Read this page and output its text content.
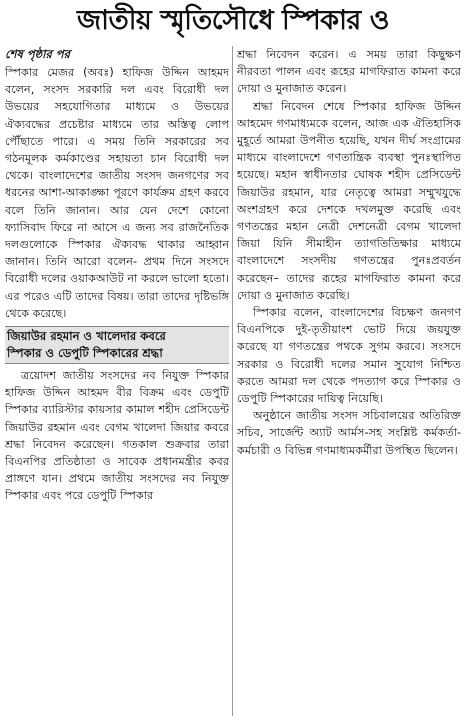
জাতীয় স্মৃতিসৌধে স্পিকার ও
শেষ পৃষ্ঠার পর

স্পিকার মেজর (অবঃ) হাফিজ উদ্দিন আহমদ বলেন, সংসদ সরকারি দল এবং বিরোধী দল উভয়ের সহযোগিতার মাধ্যমে ও উভয়ের ঐক্যবদ্ধের প্রচেষ্টার মাধ্যমে তার অস্তিত্ব লোপ পৌঁছাতে পারে। এ সময় তিনি সরকারের সব গঠনমূলক কর্মকাণ্ডের সহায়তা চান বিরোধী দল থেকে। বাংলাদেশের জাতীয় সংসদ জনগণের সব ধরনের আশা-আকাঙ্ক্ষা পূরণে কার্যক্রম গ্রহণ করবে বলে তিনি জানান। আর যেন দেশে কোনো ফ্যাসিবাদ ফিরে না আসে এ জন্য সব রাজনৈতিক দলগুলোকে স্পিকার ঐক্যবদ্ধ থাকার আহ্বান জানান। তিনি আরো বলেন- প্রথম দিনে সংসদে বিরোধী দলের ওয়াকআউট না করলে ভালো হতো। এর পরেও এটি তাদের বিষয়। তারা তাদের দৃষ্টিভঙ্গি থেকে করেছে।

জিয়াউর রহমান ও খালেদার কবরে
স্পিকার ও ডেপুটি স্পিকারের শ্রদ্ধা

ত্রয়োদশ জাতীয় সংসদের নব নিযুক্ত স্পিকার হাফিজ উদ্দিন আহমদ বীর বিক্রম এবং ডেপুটি স্পিকার ব্যারিস্টার কায়সার কামাল শহীদ প্রেসিডেন্ট জিয়াউর রহমান এবং বেগম খালেদা জিয়ার কবরে শ্রদ্ধা নিবেদন করেছেন। গতকাল শুক্রবার তারা বিএনপির প্রতিষ্ঠাতা ও সাবেক প্রধানমন্ত্রীর কবর প্রাঙ্গণে যান। প্রথমে জাতীয় সংসদের নব নিযুক্ত স্পিকার এবং পরে ডেপুটি স্পিকার

শ্রদ্ধা নিবেদন করেন। এ সময় তারা কিছুক্ষণ নীরবতা পালন এবং রূহের মাগফিরাত কামনা করে দোয়া ও মুনাজাত করেন।

শ্রদ্ধা নিবেদন শেষে স্পিকার হাফিজ উদ্দিন আহমেদ গণমাধ্যমকে বলেন, আজ এক ঐতিহাসিক মুহূর্তে আমরা উপনীত হয়েছি, যখন দীর্ঘ সংগ্রামের মাধ্যমে বাংলাদেশে গণতান্ত্রিক ব্যবস্থা পুনঃস্থাপিত হয়েছে। মহান স্বাধীনতার ঘোষক শহীদ প্রেসিডেন্ট জিয়াউর রহমান, যার নেতৃত্বে আমরা সম্মুখযুদ্ধে অংশগ্রহণ করে দেশকে দখলমুক্ত করেছি এবং গণতন্ত্রের মহান নেত্রী দেশনেত্রী বেগম খালেদা জিয়া যিনি সীমাহীন ত্যাগতিতিক্ষার মাধ্যমে বাংলাদেশে সংসদীয় গণতন্ত্রের পুনঃপ্রবর্তন করেছেন– তাদের রূহের মাগফিরাত কামনা করে দোয়া ও মুনাজাত করেছি।

স্পিকার বলেন, বাংলাদেশের বিচক্ষণ জনগণ বিএনপিকে দুই-তৃতীয়াংশ ভোট দিয়ে জয়যুক্ত করেছে যা গণতন্ত্রের পথকে সুগম করবে। সংসদে সরকার ও বিরোধী দলের সমান সুযোগ নিশ্চিত করতে আমরা দল থেকে পদত্যাগ করে স্পিকার ও ডেপুটি স্পিকারের দায়িত্ব নিয়েছি।

অনুষ্ঠানে জাতীয় সংসদ সচিবালয়ের অতিরিক্ত সচিব, সার্জেন্ট অ্যাট আর্মস-সহ সংশ্লিষ্ট কর্মকর্তা-কর্মচারী ও বিভিন্ন গণমাধ্যমকর্মীরা উপস্থিত ছিলেন।
